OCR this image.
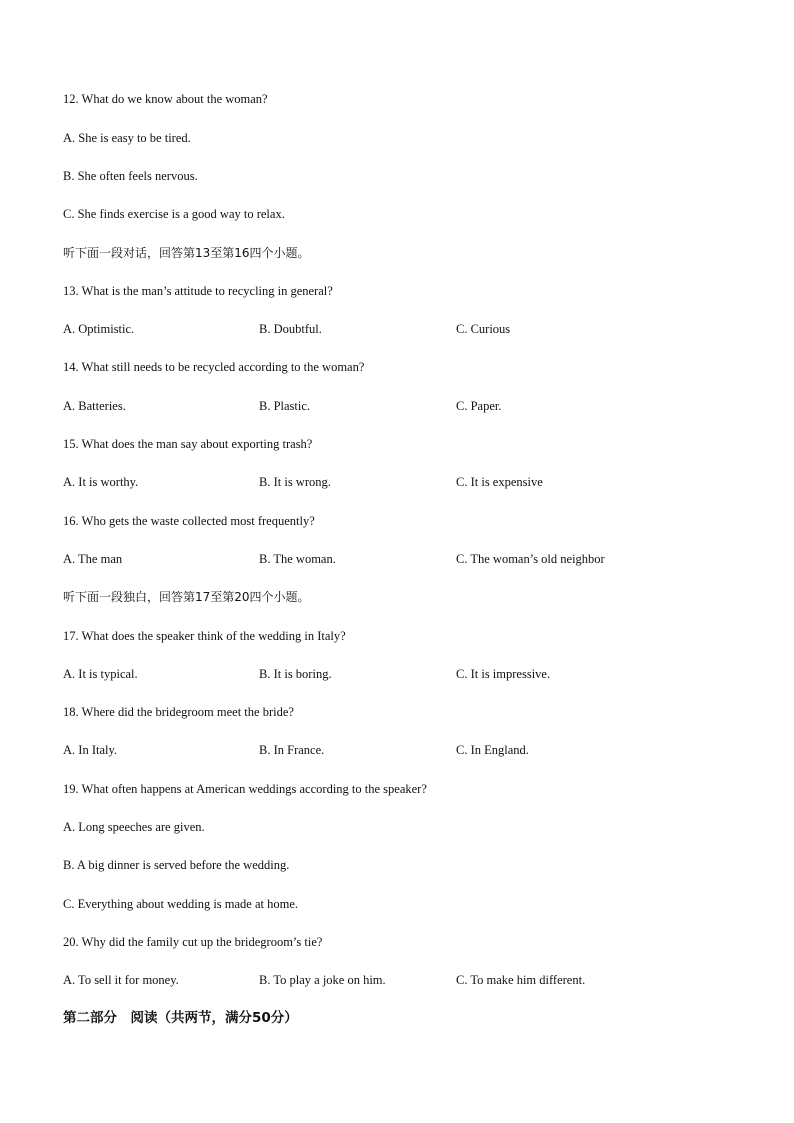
12. What do we know about the woman?
A. She is easy to be tired.
B. She often feels nervous.
C. She finds exercise is a good way to relax.
听下面一段对话，回答第13至第16四个小题。
13. What is the man’s attitude to recycling in general?
A. Optimistic.	B. Doubtful.	C. Curious
14. What still needs to be recycled according to the woman?
A. Batteries.	B. Plastic.	C. Paper.
15. What does the man say about exporting trash?
A. It is worthy.	B. It is wrong.	C. It is expensive
16. Who gets the waste collected most frequently?
A. The man	B. The woman.	C. The woman’s old neighbor
听下面一段独白，回答第17至第20四个小题。
17. What does the speaker think of the wedding in Italy?
A. It is typical.	B. It is boring.	C. It is impressive.
18. Where did the bridegroom meet the bride?
A. In Italy.	B. In France.	C. In England.
19. What often happens at American weddings according to the speaker?
A. Long speeches are given.
B. A big dinner is served before the wedding.
C. Everything about wedding is made at home.
20. Why did the family cut up the bridegroom’s tie?
A. To sell it for money.	B. To play a joke on him.	C. To make him different.
第二部分　阅读（共两节，满分50分）
